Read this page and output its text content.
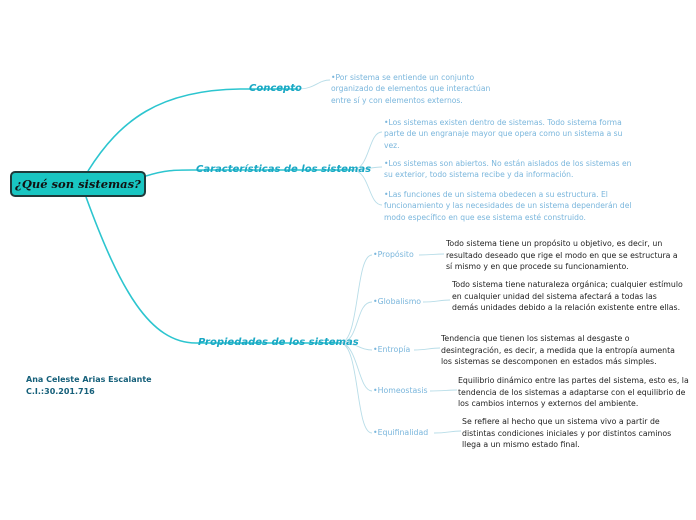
¿Qué son sistemas?
Concepto
•Por sistema se entiende un conjunto organizado de elementos que interactúan entre sí y con elementos externos.
Características de los sistemas
•Los sistemas existen dentro de sistemas. Todo sistema forma parte de un engranaje mayor que opera como un sistema a su vez.
•Los sistemas son abiertos. No están aislados de los sistemas en su exterior, todo sistema recibe y da información.
•Las funciones de un sistema obedecen a su estructura. El funcionamiento y las necesidades de un sistema dependerán del modo específico en que ese sistema esté construido.
Propiedades de los sistemas
•Propósito
Todo sistema tiene un propósito u objetivo, es decir, un resultado deseado que rige el modo en que se estructura a sí mismo y en que procede su funcionamiento.
•Globalismo
Todo sistema tiene naturaleza orgánica; cualquier estímulo en cualquier unidad del sistema afectará a todas las demás unidades debido a la relación existente entre ellas.
•Entropía
Tendencia que tienen los sistemas al desgaste o desintegración, es decir, a medida que la entropía aumenta los sistemas se descomponen en estados más simples.
•Homeostasis
Equilibrio dinámico entre las partes del sistema, esto es, la tendencia de los sistemas a adaptarse con el equilibrio de los cambios internos y externos del ambiente.
•Equifinalidad
Se refiere al hecho que un sistema vivo a partir de distintas condiciones iniciales y por distintos caminos llega a un mismo estado final.
Ana Celeste Arias Escalante
C.I.:30.201.716
